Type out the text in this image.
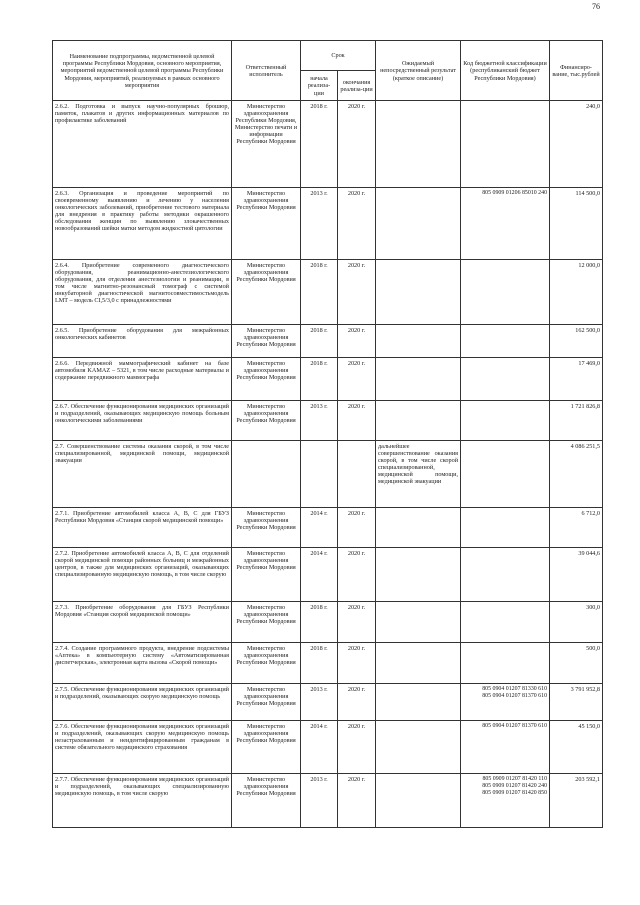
76
Наименование подпрограммы, ведомственной целевой программы Республики Мордовия, основного мероприятия, мероприятий ведомственной целевой программы Республики Мордовия, мероприятий, реализуемых в рамках основного мероприятия	Ответственный исполнитель	Срок		Ожидаемый непосредственный результат (краткое описание)	Код бюджетной классификации (республиканский бюджет Республики Мордовия)	Финансиро-вание, тыс.рублей
		начала реализа-ции	окончания реализа-ции			
2.6.2. Подготовка и выпуск научно-популярных брошюр, памяток, плакатов и других информационных материалов по профилактике заболеваний	Министерство здравоохранения Республики Мордовия, Министерство печати и информации Республики Мордовия	2018 г.	2020 г.			240,0
2.6.3. Организация и проведение мероприятий по своевременному выявлению и лечению у населения онкологических заболеваний, приобретение тестового материала для внедрения в практику работы методики окрашенного обследования женщин по выявлению злокачественных новообразований шейки матки методом жидкостной цитологии	Министерство здравоохранения Республики Мордовия	2013 г.	2020 г.		805 0909 01206 85010 240	114 500,0
2.6.4. Приобретение современного диагностического оборудования, реанимационно-анестезиологического оборудования, для отделения анестезиологии и реанимации, в том числе магнитно-резонансный томограф с системой инкубаторной диагностической магнитосовместимостьмодель LMT – модель CI,5/3,0 с принадлежностями	Министерство здравоохранения Республики Мордовия	2018 г.	2020 г.			12 000,0
2.6.5. Приобретение оборудования для межрайонных онкологических кабинетов	Министерство здравоохранения Республики Мордовия	2018 г.	2020 г.			162 500,0
2.6.6. Передвижной маммографический кабинет на базе автомобиля KAMAZ – 5321, в том числе расходные материалы и содержание передвижного маммографа	Министерство здравоохранения Республики Мордовия	2018 г.	2020 г.			17 469,0
2.6.7. Обеспечение функционирования медицинских организаций и подразделений, оказывающих медицинскую помощь больным онкологическими заболеваниями	Министерство здравоохранения Республики Мордовия	2013 г.	2020 г.			1 721 826,8
2.7. Совершенствование системы оказания скорой, в том числе специализированной, медицинской помощи, медицинской эвакуации				дальнейшее совершенствование оказания скорой, в том числе скорой специализированной, медицинской помощи, медицинской эвакуации		4 086 251,5
2.7.1. Приобретение автомобилей класса А, В, С для ГБУЗ Республики Мордовия «Станция скорой медицинской помощи»	Министерство здравоохранения Республики Мордовия	2014 г.	2020 г.			6 712,0
2.7.2. Приобретение автомобилей класса А, В, С для отделений скорой медицинской помощи районных больниц и межрайонных центров, в также для медицинских организаций, оказывающих специализированную медицинскую помощь, в том числе скорую	Министерство здравоохранения Республики Мордовия	2014 г.	2020 г.			39 044,6
2.7.3. Приобретение оборудования для ГБУЗ Республики Мордовия «Станция скорой медицинской помощи»	Министерство здравоохранения Республики Мордовия	2018 г.	2020 г.			300,0
2.7.4. Создание программного продукта, внедрение подсистемы «Аптека» в компьютерную систему «Автоматизированная диспетчерская», электронная карта вызова «Скорой помощи»	Министерство здравоохранения Республики Мордовия	2018 г.	2020 г.			500,0
2.7.5. Обеспечение функционирования медицинских организаций и подразделений, оказывающих скорую медицинскую помощь	Министерство здравоохранения Республики Мордовия	2013 г.	2020 г.		805 0904 01207 81330 610
805 0904 01207 81370 610	3 791 952,8
2.7.6. Обеспечение функционирования медицинских организаций и подразделений, оказывающих скорую медицинскую помощь незастрахованным и неидентифицированным гражданам в системе обязательного медицинского страхования	Министерство здравоохранения Республики Мордовия	2014 г.	2020 г.		805 0904 01207 81370 610	45 150,0
2.7.7. Обеспечение функционирования медицинских организаций и подразделений, оказывающих специализированную медицинскую помощь, в том числе скорую	Министерство здравоохранения Республики Мордовия	2013 г.	2020 г.		805 0909 01207 81420 110
805 0909 01207 81420 240
805 0909 01207 81420 850	203 592,1
